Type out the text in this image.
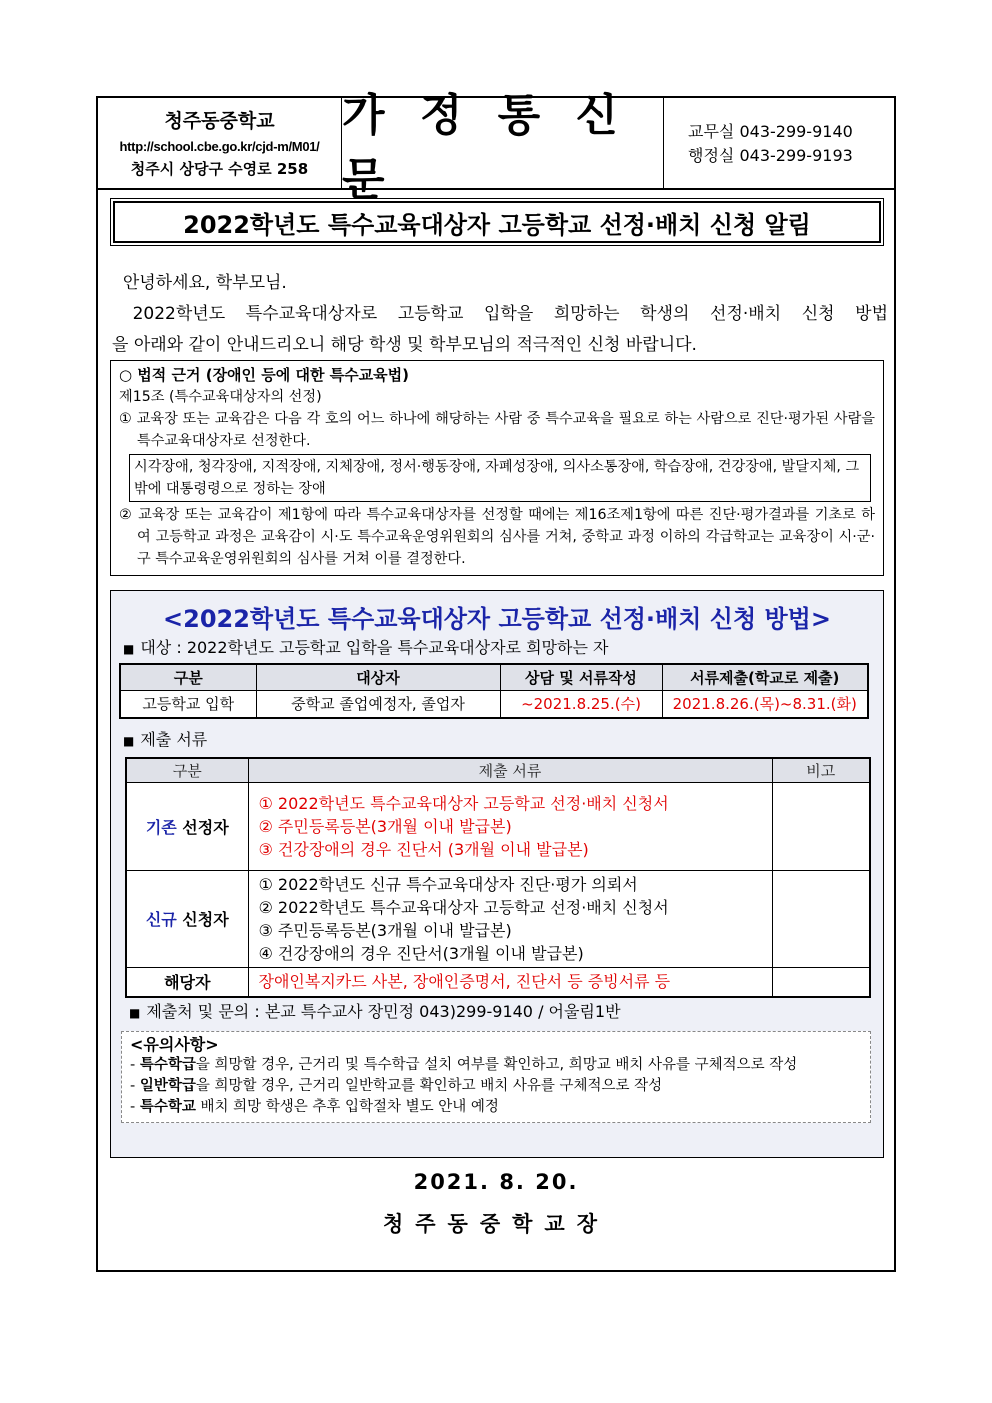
청주동중학교
http://school.cbe.go.kr/cjd-m/M01/
청주시 상당구 수영로 258
가 정 통 신 문
교무실 043-299-9140
행정실 043-299-9193
2022학년도 특수교육대상자 고등학교 선정·배치 신청 알림

안녕하세요, 학부모님.

2022학년도 특수교육대상자로 고등학교 입학을 희망하는 학생의 선정·배치 신청 방법

을 아래와 같이 안내드리오니 해당 학생 및 학부모님의 적극적인 신청 바랍니다.

○ 법적 근거 (장애인 등에 대한 특수교육법)
제15조 (특수교육대상자의 선정)
① 교육장 또는 교육감은 다음 각 호의 어느 하나에 해당하는 사람 중 특수교육을 필요로 하는 사람으로 진단·평가된 사람을 특수교육대상자로 선정한다.
시각장애, 청각장애, 지적장애, 지체장애, 정서·행동장애, 자폐성장애, 의사소통장애, 학습장애, 건강장애, 발달지체, 그 밖에 대통령령으로 정하는 장애
② 교육장 또는 교육감이 제1항에 따라 특수교육대상자를 선정할 때에는 제16조제1항에 따른 진단·평가결과를 기초로 하여 고등학교 과정은 교육감이 시·도 특수교육운영위원회의 심사를 거쳐, 중학교 과정 이하의 각급학교는 교육장이 시·군·구 특수교육운영위원회의 심사를 거쳐 이를 결정한다.
<2022학년도 특수교육대상자 고등학교 선정·배치 신청 방법>
■ 대상 : 2022학년도 고등학교 입학을 특수교육대상자로 희망하는 자
구분	대상자	상담 및 서류작성	서류제출(학교로 제출)
고등학교 입학	중학교 졸업예정자, 졸업자	~2021.8.25.(수)	2021.8.26.(목)~8.31.(화)
■ 제출 서류
구분	제출 서류	비고
기존 선정자	① 2022학년도 특수교육대상자 고등학교 선정·배치 신청서
② 주민등록등본(3개월 이내 발급본)
③ 건강장애의 경우 진단서 (3개월 이내 발급본)	

신규 신청자	① 2022학년도 신규 특수교육대상자 진단·평가 의뢰서
② 2022학년도 특수교육대상자 고등학교 선정·배치 신청서
③ 주민등록등본(3개월 이내 발급본)
④ 건강장애의 경우 진단서(3개월 이내 발급본)	

해당자	장애인복지카드 사본, 장애인증명서, 진단서 등 증빙서류 등	
■ 제출처 및 문의 : 본교 특수교사 장민정 043)299-9140 / 어울림1반
<유의사항>
- 특수학급을 희망할 경우, 근거리 및 특수학급 설치 여부를 확인하고, 희망교 배치 사유를 구체적으로 작성
- 일반학급을 희망할 경우, 근거리 일반학교를 확인하고 배치 사유를 구체적으로 작성
- 특수학교 배치 희망 학생은 추후 입학절차 별도 안내 예정
2021. 8. 20.
청주동중학교장
